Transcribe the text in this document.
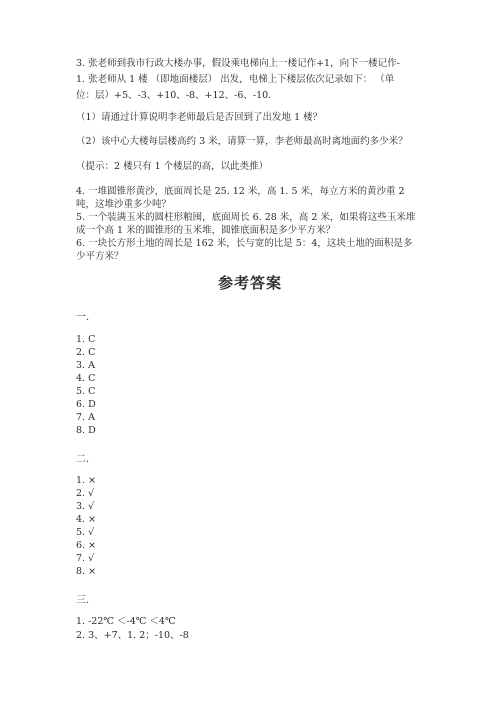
3. 张老师到我市行政大楼办事，假设乘电梯向上一楼记作+1，向下一楼记作-
1. 张老师从 1 楼 （即地面楼层） 出发，电梯上下楼层依次记录如下： （单
位：层）+5、-3、+10、-8、+12、-6、-10.
（1）请通过计算说明李老师最后是否回到了出发地 1 楼？
（2）该中心大楼每层楼高约 3 米，请算一算，李老师最高时离地面约多少米？
（提示：2 楼只有 1 个楼层的高，以此类推）
4. 一堆圆锥形黄沙，底面周长是 25. 12 米，高 1. 5 米，每立方米的黄沙重 2
吨，这堆沙重多少吨？
5. 一个装满玉米的圆柱形粮囤，底面周长 6. 28 米，高 2 米，如果将这些玉米堆
成一个高 1 米的圆锥形的玉米堆，圆锥底面积是多少平方米？
6. 一块长方形土地的周长是 162 米，长与宽的比是 5：4，这块土地的面积是多
少平方米？
参考答案
一.
1. C
2. C
3. A
4. C
5. C
6. D
7. A
8. D
二.
1. ×
2. √
3. √
4. ×
5. √
6. ×
7. √
8. ×
三.
1. -22℃ ＜-4℃ ＜4℃
2. 3、+7、1. 2；-10、-8
